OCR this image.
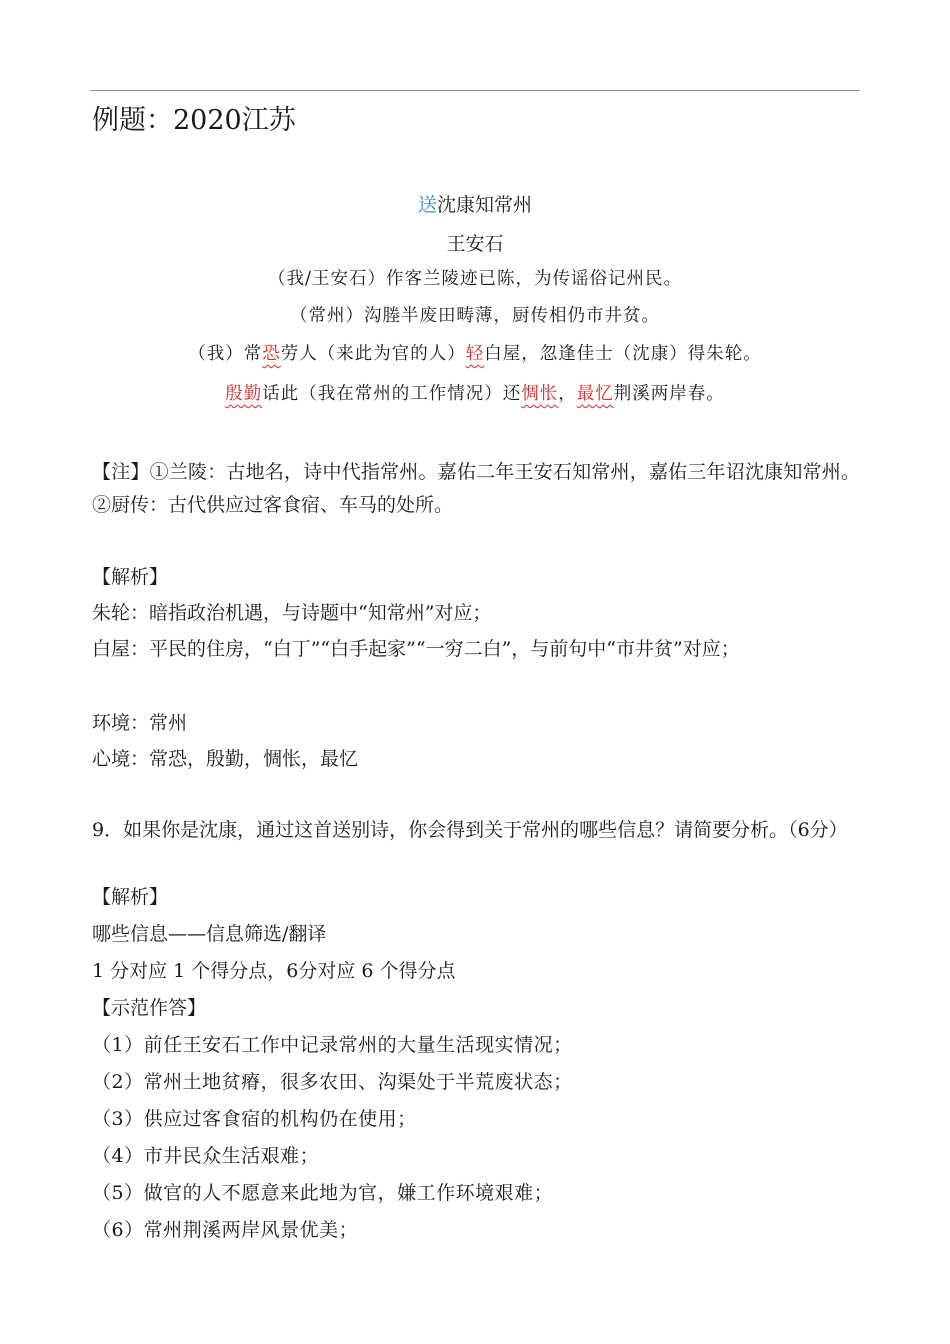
例题：2020江苏
送沈康知常州
王安石
（我/王安石）作客兰陵迹已陈，为传谣俗记州民。
（常州）沟塍半废田畴薄，厨传相仍市井贫。
（我）常恐劳人（来此为官的人）轻白屋，忽逢佳士（沈康）得朱轮。
殷勤话此（我在常州的工作情况）还惆怅，最忆荆溪两岸春。
【注】①兰陵：古地名，诗中代指常州。嘉佑二年王安石知常州，嘉佑三年诏沈康知常州。②厨传：古代供应过客食宿、车马的处所。
【解析】
朱轮：暗指政治机遇，与诗题中“知常州”对应；
白屋：平民的住房，“白丁”“白手起家”“一穷二白”，与前句中“市井贫”对应；
环境：常州
心境：常恐，殷勤，惆怅，最忆
9．如果你是沈康，通过这首送别诗，你会得到关于常州的哪些信息？请简要分析。（6分）
【解析】
哪些信息——信息筛选/翻译
1 分对应 1 个得分点，6分对应 6 个得分点
【示范作答】
（1）前任王安石工作中记录常州的大量生活现实情况；
（2）常州土地贫瘠，很多农田、沟渠处于半荒废状态；
（3）供应过客食宿的机构仍在使用；
（4）市井民众生活艰难；
（5）做官的人不愿意来此地为官，嫌工作环境艰难；
（6）常州荆溪两岸风景优美；
